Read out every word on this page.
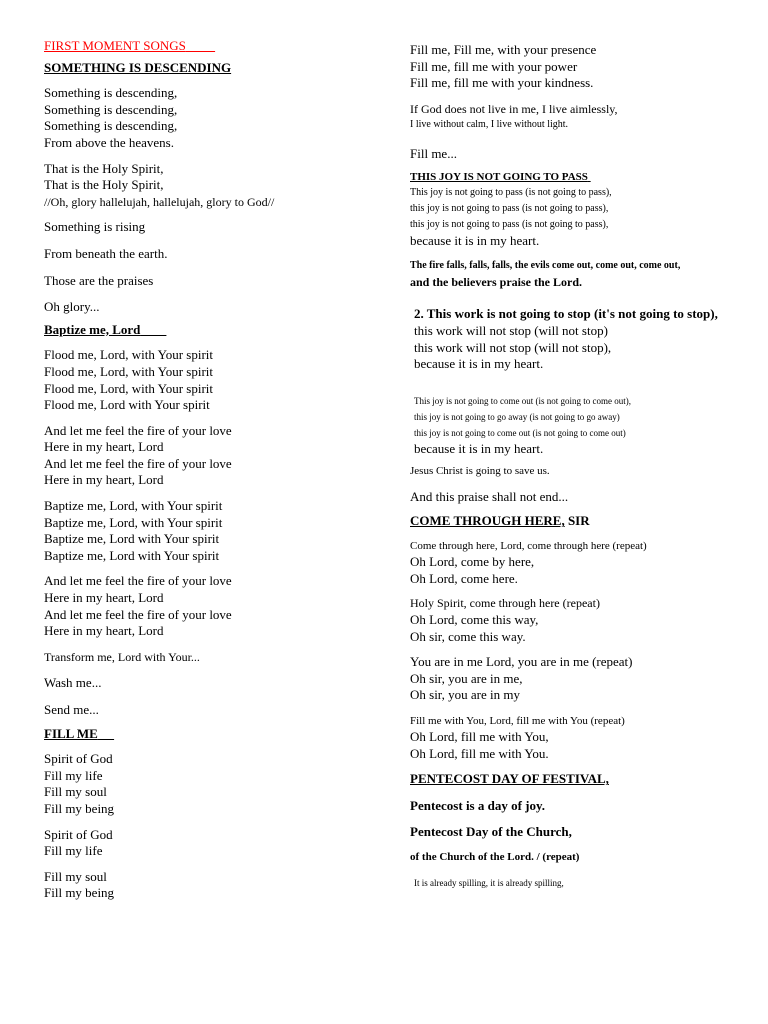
FIRST MOMENT SONGS

SOMETHING IS DESCENDING

Something is descending,
Something is descending,
Something is descending,
From above the heavens.

That is the Holy Spirit,
That is the Holy Spirit,
//Oh, glory hallelujah, hallelujah, glory to God//

Something is rising

From beneath the earth.

Those are the praises

Oh glory...

Baptize me, Lord

Flood me, Lord, with Your spirit
Flood me, Lord, with Your spirit
Flood me, Lord, with Your spirit
Flood me, Lord with Your spirit

And let me feel the fire of your love
Here in my heart, Lord
And let me feel the fire of your love
Here in my heart, Lord

Baptize me, Lord, with Your spirit
Baptize me, Lord, with Your spirit
Baptize me, Lord with Your spirit
Baptize me, Lord with Your spirit

And let me feel the fire of your love
Here in my heart, Lord
And let me feel the fire of your love
Here in my heart, Lord

Transform me, Lord with Your...

Wash me...

Send me...

FILL ME

Spirit of God
Fill my life
Fill my soul
Fill my being

Spirit of God
Fill my life

Fill my soul
Fill my being

Fill me, Fill me, with your presence
Fill me, fill me with your power
Fill me, fill me with your kindness.

If God does not live in me, I live aimlessly,
I live without calm, I live without light.

Fill me...

THIS JOY IS NOT GOING TO PASS

This joy is not going to pass (is not going to pass),
this joy is not going to pass (is not going to pass),
this joy is not going to pass (is not going to pass),
because it is in my heart.

The fire falls, falls, falls, the evils come out, come out, come out,
and the believers praise the Lord.

2. This work is not going to stop (it's not going to stop),
this work will not stop (will not stop)
this work will not stop (will not stop),
because it is in my heart.

This joy is not going to come out (is not going to come out),
this joy is not going to go away (is not going to go away)
this joy is not going to come out (is not going to come out)
because it is in my heart.

Jesus Christ is going to save us.

And this praise shall not end...

COME THROUGH HERE, SIR

Come through here, Lord, come through here (repeat)
Oh Lord, come by here,
Oh Lord, come here.

Holy Spirit, come through here (repeat)
Oh Lord, come this way,
Oh sir, come this way.

You are in me Lord, you are in me (repeat)
Oh sir, you are in me,
Oh sir, you are in my

Fill me with You, Lord, fill me with You (repeat)
Oh Lord, fill me with You,
Oh Lord, fill me with You.

PENTECOST DAY OF FESTIVAL,

Pentecost is a day of joy.

Pentecost Day of the Church,

of the Church of the Lord. / (repeat)

It is already spilling, it is already spilling,
